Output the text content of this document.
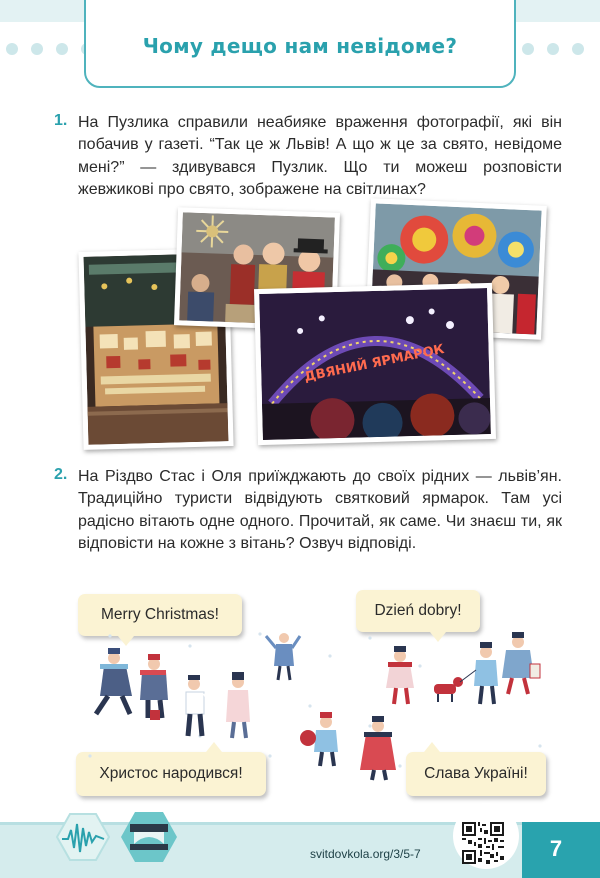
Чому дещо нам невідоме?
1. На Пузлика справили неабияке враження фотографії, які він побачив у газеті. “Так це ж Львів! А що ж це за свято, невідоме мені?” — здивувався Пузлик. Що ти можеш розповісти жевжикові про свято, зображене на світлинах?
ДВЯНИЙ ЯРМАРОК
2. На Різдво Стас і Оля приїжджають до своїх рідних — львів’ян. Традиційно туристи відвідують святковий ярмарок. Там усі радісно вітають одне одного. Прочитай, як саме. Чи знаєш ти, як відповісти на кожне з вітань? Озвуч відповіді.
Merry Christmas!	Dzień dobry!
Христос народився!	Слава Україні!
svitdovkola.org/3/5-7	7
